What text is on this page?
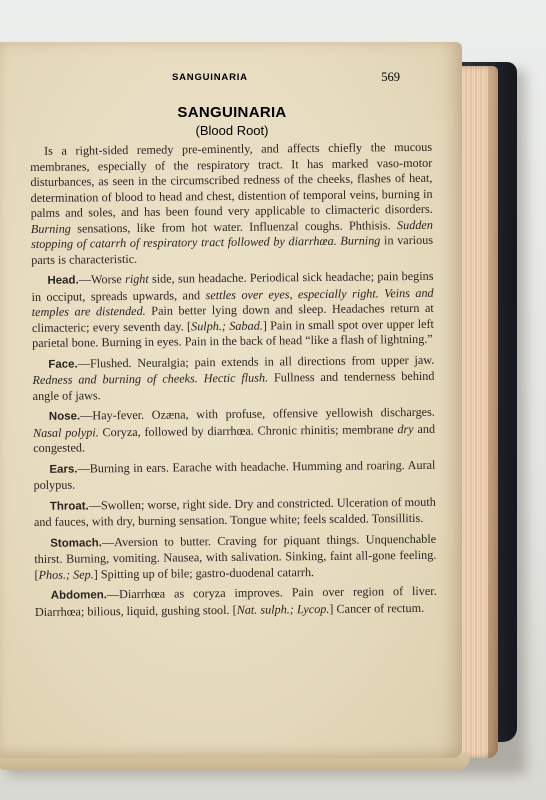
SANGUINARIA	569

SANGUINARIA

(Blood Root)

Is a right-sided remedy pre-eminently, and affects chiefly the mucous membranes, especially of the respiratory tract. It has marked vaso-motor disturbances, as seen in the circumscribed redness of the cheeks, flashes of heat, determination of blood to head and chest, distention of temporal veins, burning in palms and soles, and has been found very applicable to climacteric disorders. Burning sensations, like from hot water. Influenzal coughs. Phthisis. Sudden stopping of catarrh of respiratory tract followed by diarrhœa. Burning in various parts is characteristic.

Head.—Worse right side, sun headache. Periodical sick headache; pain begins in occiput, spreads upwards, and settles over eyes, especially right. Veins and temples are distended. Pain better lying down and sleep. Headaches return at climacteric; every seventh day. [Sulph.; Sabad.] Pain in small spot over upper left parietal bone. Burning in eyes. Pain in the back of head “like a flash of lightning.”

Face.—Flushed. Neuralgia; pain extends in all directions from upper jaw. Redness and burning of cheeks. Hectic flush. Fullness and tenderness behind angle of jaws.

Nose.—Hay-fever. Ozæna, with profuse, offensive yellowish discharges. Nasal polypi. Coryza, followed by diarrhœa. Chronic rhinitis; membrane dry and congested.

Ears.—Burning in ears. Earache with headache. Humming and roaring. Aural polypus.

Throat.—Swollen; worse, right side. Dry and constricted. Ulceration of mouth and fauces, with dry, burning sensation. Tongue white; feels scalded. Tonsillitis.

Stomach.—Aversion to butter. Craving for piquant things. Unquenchable thirst. Burning, vomiting. Nausea, with salivation. Sinking, faint all-gone feeling. [Phos.; Sep.] Spitting up of bile; gastro-duodenal catarrh.

Abdomen.—Diarrhœa as coryza improves. Pain over region of liver. Diarrhœa; bilious, liquid, gushing stool. [Nat. sulph.; Lycop.] Cancer of rectum.
